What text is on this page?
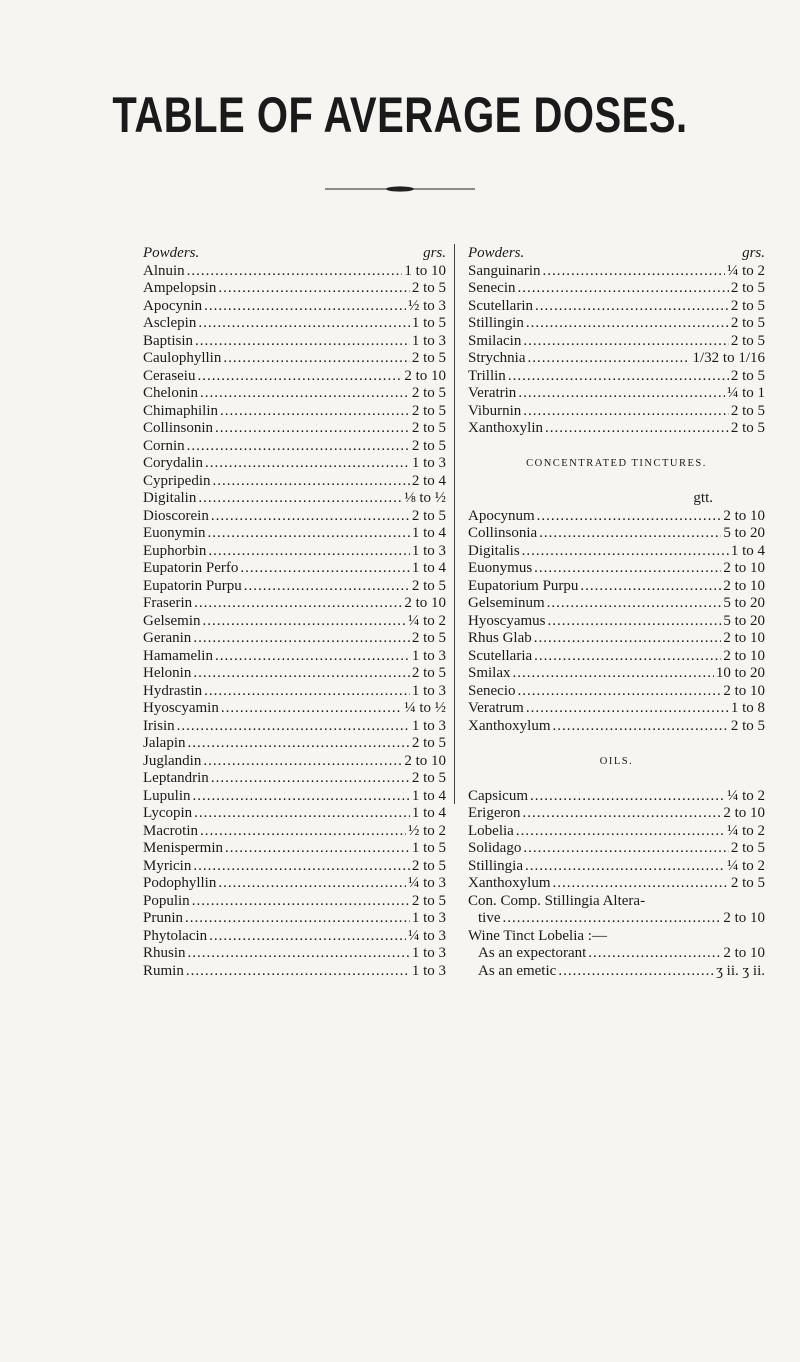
TABLE OF AVERAGE DOSES.
Powders.	grs.
Alnuin .....	1 to 10
Ampelopsin .....	2 to 5
Apocynin .....	½ to 3
Asclepin .....	1 to 5
Baptisin .....	1 to 3
Caulophyllin .....	2 to 5
Ceraseiu .....	2 to 10
Chelonin .....	2 to 5
Chimaphilin .....	2 to 5
Collinsonin .....	2 to 5
Cornin .....	2 to 5
Corydalin .....	1 to 3
Cypripedin .....	2 to 4
Digitalin .....	⅛ to ½
Dioscorein .....	2 to 5
Euonymin .....	1 to 4
Euphorbin .....	1 to 3
Eupatorin Perfo .....	1 to 4
Eupatorin Purpu .....	2 to 5
Fraserin .....	2 to 10
Gelsemin .....	¼ to 2
Geranin .....	2 to 5
Hamamelin .....	1 to 3
Helonin .....	2 to 5
Hydrastin .....	1 to 3
Hyoscyamin .....	¼ to ½
Irisin .....	1 to 3
Jalapin .....	2 to 5
Juglandin .....	2 to 10
Leptandrin .....	2 to 5
Lupulin .....	1 to 4
Lycopin .....	1 to 4
Macrotin .....	½ to 2
Menispermin .....	1 to 5
Myricin .....	2 to 5
Podophyllin .....	¼ to 3
Populin .....	2 to 5
Prunin .....	1 to 3
Phytolacin .....	¼ to 3
Rhusin .....	1 to 3
Rumin .....	1 to 3
Powders.	grs.
Sanguinarin .....	¼ to 2
Senecin .....	2 to 5
Scutellarin .....	2 to 5
Stillingin .....	2 to 5
Smilacin .....	2 to 5
Strychnia .....	1/32 to 1/16
Trillin .....	2 to 5
Veratrin .....	¼ to 1
Viburnin .....	2 to 5
Xanthoxylin .....	2 to 5
CONCENTRATED TINCTURES.
gtt.
Apocynum .....	2 to 10
Collinsonia .....	5 to 20
Digitalis .....	1 to 4
Euonymus .....	2 to 10
Eupatorium Purpu .....	2 to 10
Gelseminum .....	5 to 20
Hyoscyamus .....	5 to 20
Rhus Glab .....	2 to 10
Scutellaria .....	2 to 10
Smilax .....	10 to 20
Senecio .....	2 to 10
Veratrum .....	1 to 8
Xanthoxylum .....	2 to 5
OILS.
Capsicum .....	¼ to 2
Erigeron .....	2 to 10
Lobelia .....	¼ to 2
Solidago .....	2 to 5
Stillingia .....	¼ to 2
Xanthoxylum .....	2 to 5
Con. Comp. Stillingia Altera-
tive .....	2 to 10
Wine Tinct Lobelia :—
As an expectorant .....	2 to 10
As an emetic .....	ʒ ii. ʒ ii.
